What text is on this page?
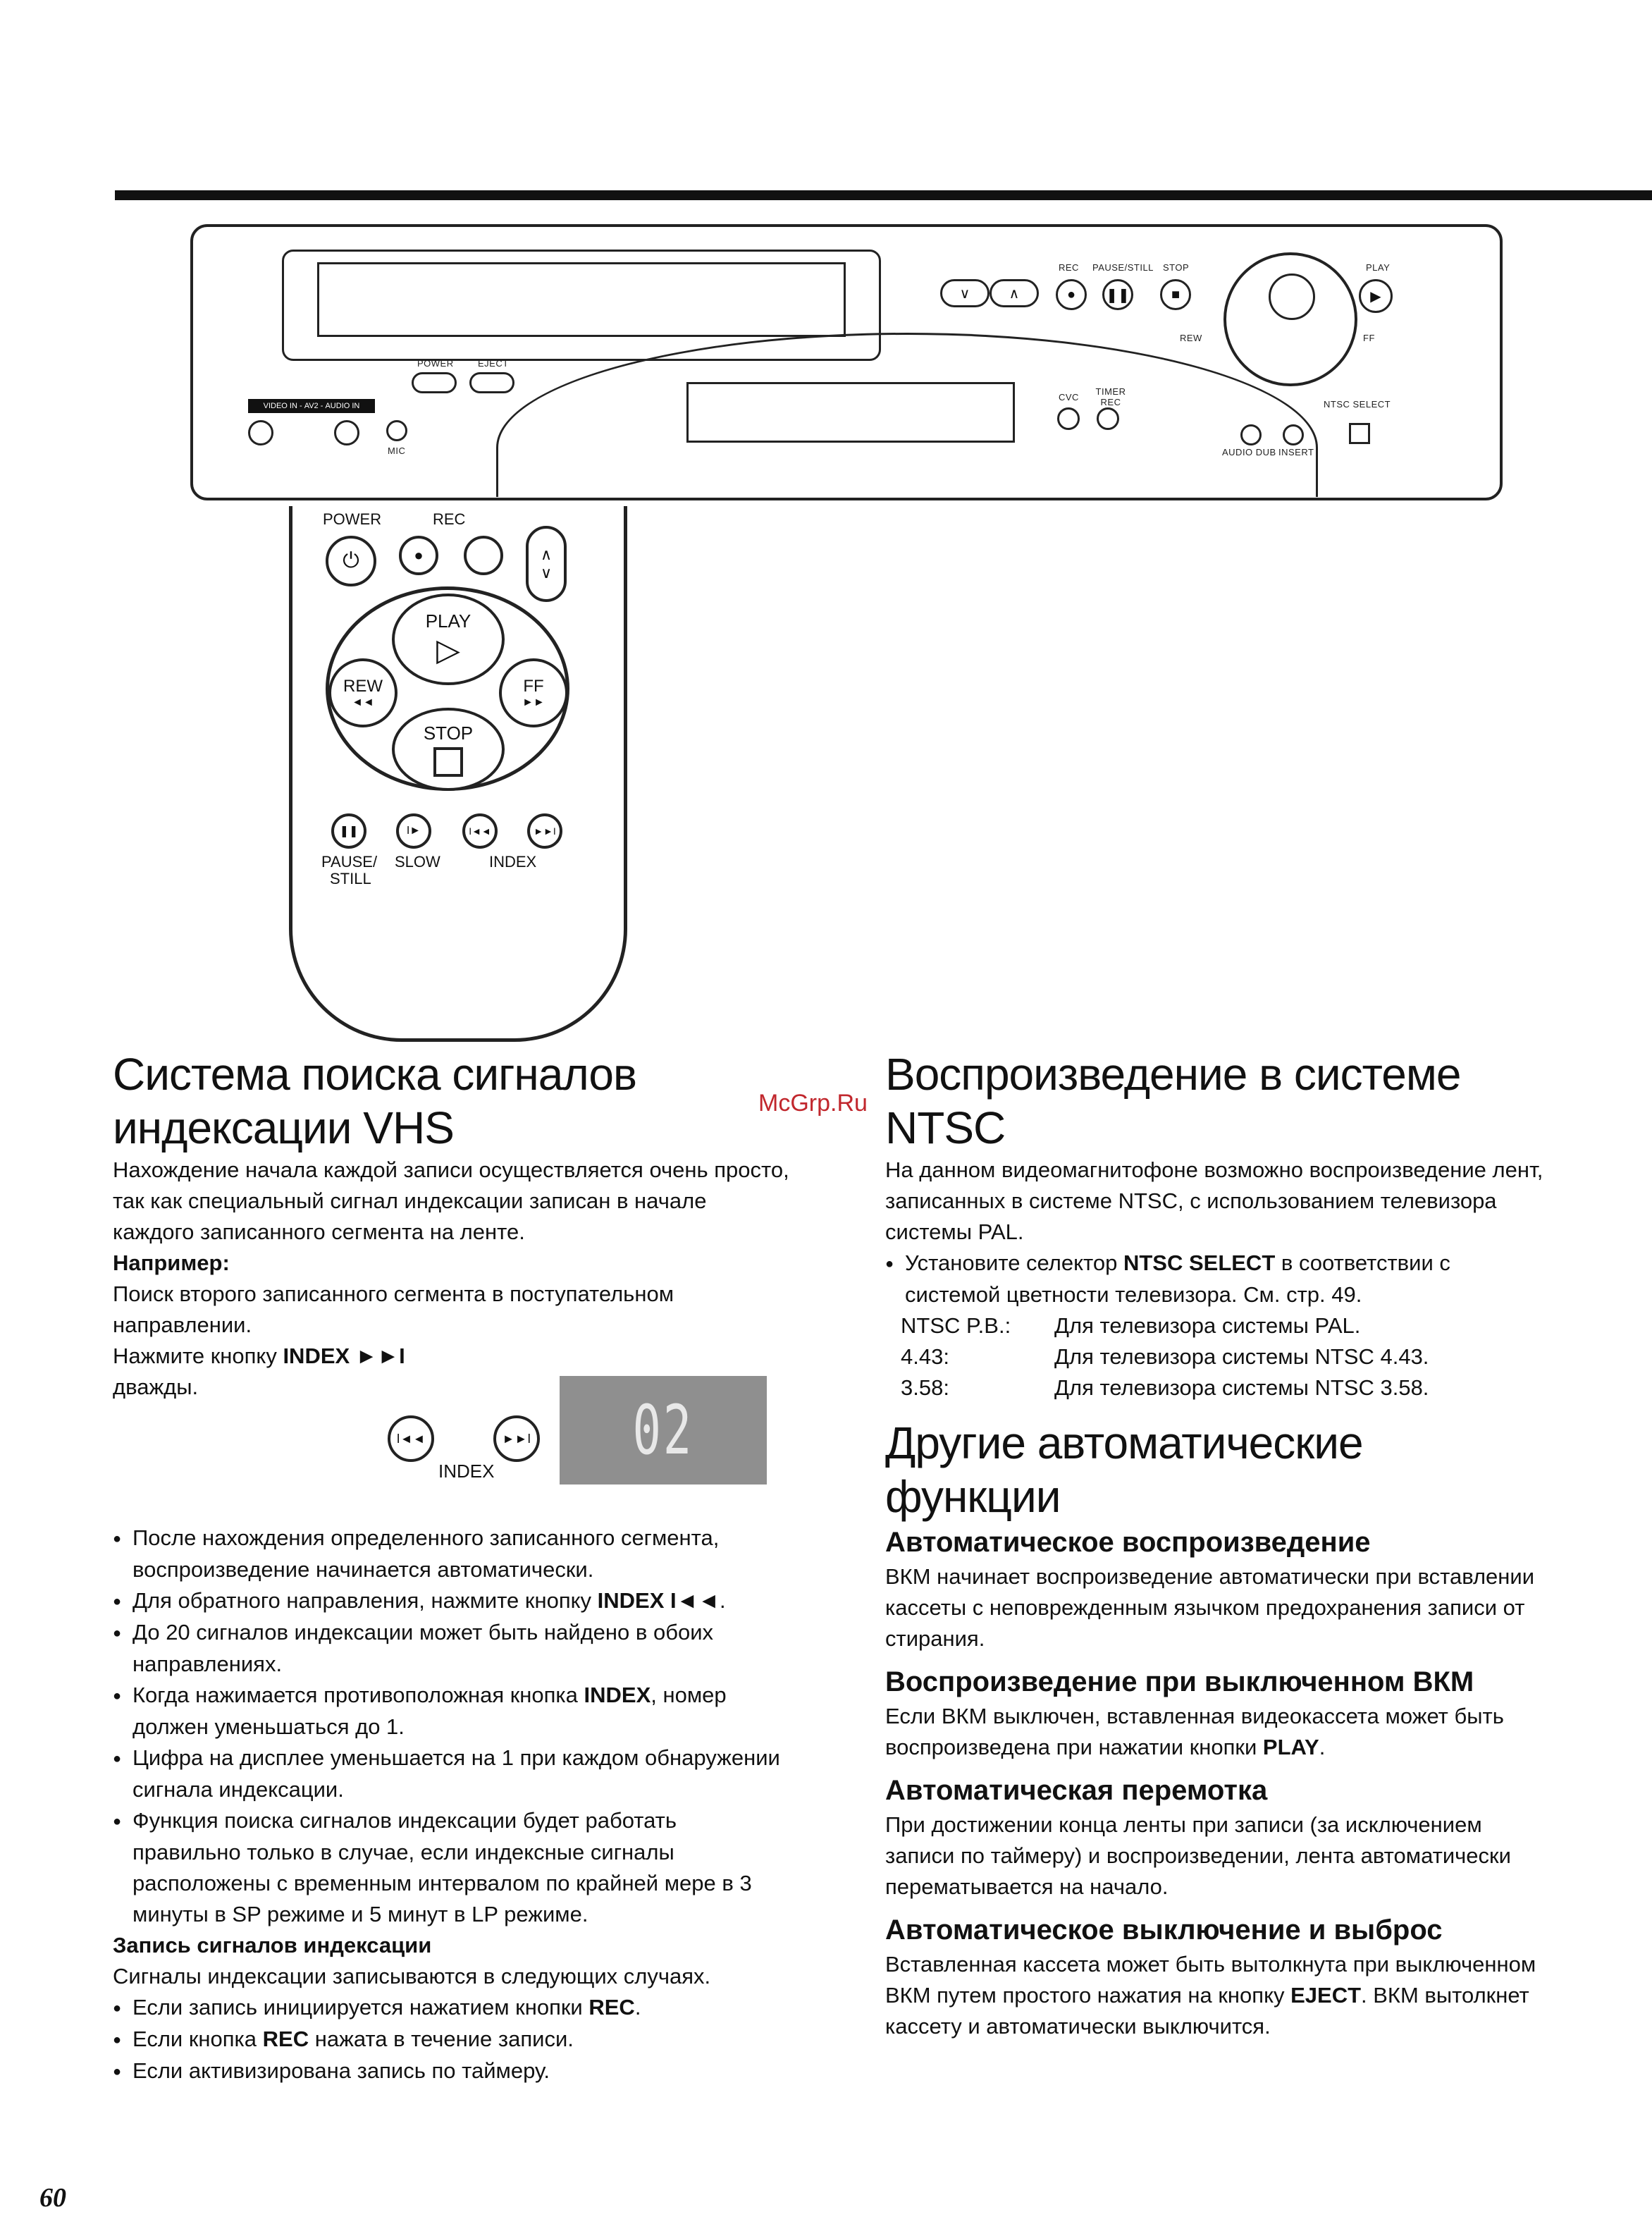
∨	∧
REC
●
PAUSE/STILL
❚❚
STOP
■
REW	FF
PLAY
▶
POWER	EJECT
CVC
TIMER REC
VIDEO IN - AV2 - AUDIO IN
MIC	AUDIO DUB INSERT
NTSC SELECT
POWER
⏻
REC
●	∧
∨
PLAY
▷
REW
◄◄
FF
►►
STOP
❚❚	I►	I◄◄	►►I
PAUSE/
STILL
SLOW	INDEX
McGrp.Ru
Система поиска сигналов
индексации VHS

Нахождение начала каждой записи осуществляется очень просто, так как специальный сигнал индексации записан в начале каждого записанного сегмента на ленте.

Например:

Поиск второго записанного сегмента в поступательном направлении.

Нажмите кнопку INDEX ►►I
дважды.

I◄◄	►►I
INDEX
02

● После нахождения определенного записанного сегмента, воспроизведение начинается автоматически.

● Для обратного направления, нажмите кнопку INDEX I◄◄.

● До 20 сигналов индексации может быть найдено в обоих направлениях.

● Когда нажимается противоположная кнопка INDEX, номер должен уменьшаться до 1.

● Цифра на дисплее уменьшается на 1 при каждом обнаружении сигнала индексации.

● Функция поиска сигналов индексации будет работать правильно только в случае, если индексные сигналы расположены с временным интервалом по крайней мере в 3 минуты в SP режиме и 5 минут в LP режиме.

Запись сигналов индексации

Сигналы индексации записываются в следующих случаях.

● Если запись инициируется нажатием кнопки REC.

● Если кнопка REC нажата в течение записи.

● Если активизирована запись по таймеру.

Воспроизведение в системе
NTSC

На данном видеомагнитофоне возможно воспроизведение лент, записанных в системе NTSC, с использованием телевизора системы PAL.

● Установите селектор NTSC SELECT в соответствии с системой цветности телевизора. См. стр. 49.

NTSC P.B.:	Для телевизора системы PAL.
4.43:	Для телевизора системы NTSC 4.43.
3.58:	Для телевизора системы NTSC 3.58.
Другие автоматические
функции

Автоматическое воспроизведение

ВКМ начинает воспроизведение автоматически при вставлении кассеты с неповрежденным язычком предохранения записи от стирания.

Воспроизведение при выключенном ВКМ

Если ВКМ выключен, вставленная видеокассета может быть воспроизведена при нажатии кнопки PLAY.

Автоматическая перемотка

При достижении конца ленты при записи (за исключением записи по таймеру) и воспроизведении, лента автоматически перематывается на начало.

Автоматическое выключение и выброс

Вставленная кассета может быть вытолкнута при выключенном ВКМ путем простого нажатия на кнопку EJECT. ВКМ вытолкнет кассету и автоматически выключится.

60
